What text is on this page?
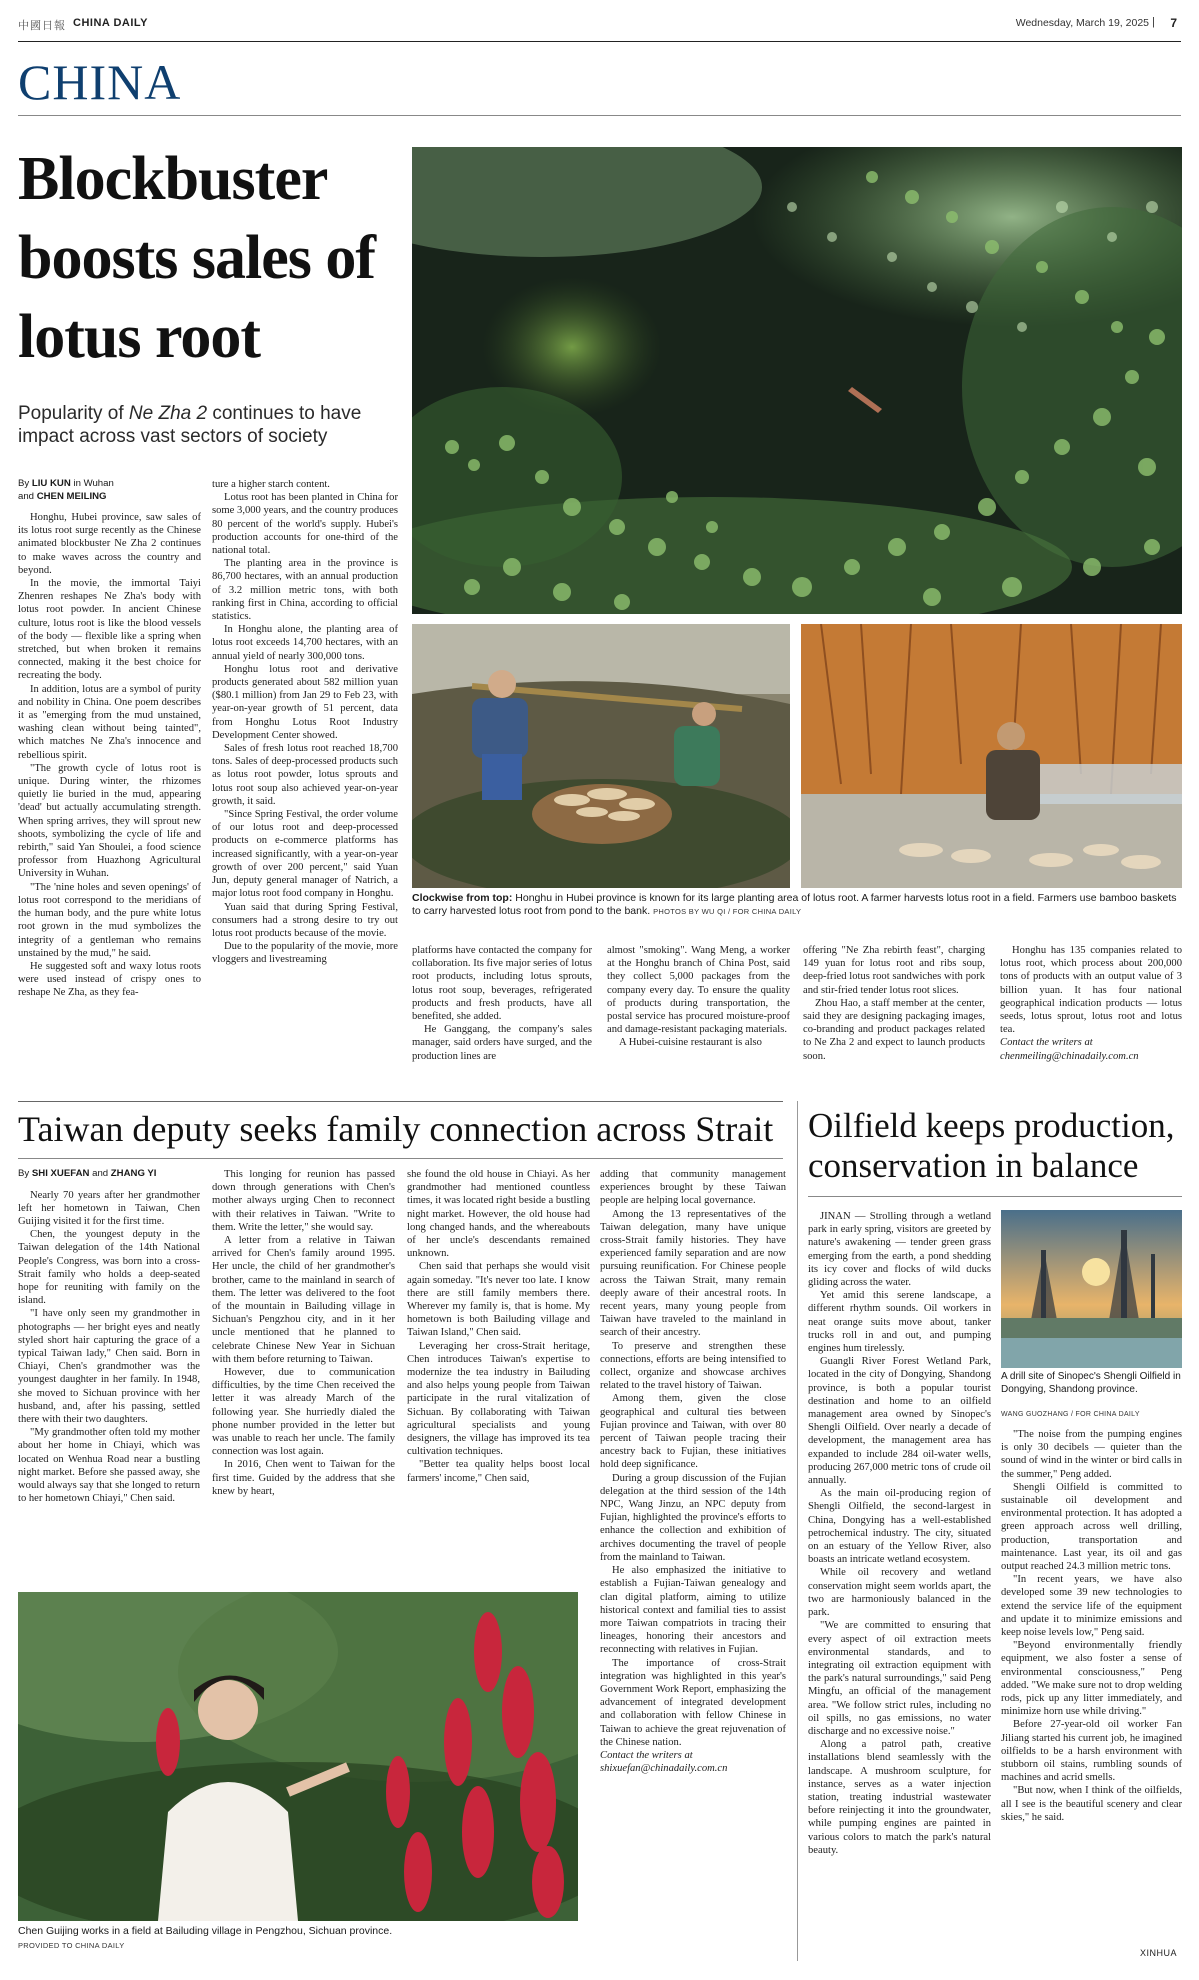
中國日報 CHINA DAILY	Wednesday, March 19, 2025 | 7
CHINA
Blockbuster boosts sales of lotus root
Popularity of Ne Zha 2 continues to have impact across vast sectors of society
Clockwise from top: Honghu in Hubei province is known for its large planting area of lotus root. A farmer harvests lotus root in a field. Farmers use bamboo baskets to carry harvested lotus root from pond to the bank. PHOTOS BY WU QI / FOR CHINA DAILY
By LIU KUN in Wuhan
and CHEN MEILING

Honghu, Hubei province, saw sales of its lotus root surge recently as the Chinese animated blockbuster Ne Zha 2 continues to make waves across the country and beyond.

In the movie, the immortal Taiyi Zhenren reshapes Ne Zha's body with lotus root powder. In ancient Chinese culture, lotus root is like the blood vessels of the body — flexible like a spring when stretched, but when broken it remains connected, making it the best choice for recreating the body.

In addition, lotus are a symbol of purity and nobility in China. One poem describes it as "emerging from the mud unstained, washing clean without being tainted", which matches Ne Zha's innocence and rebellious spirit.

"The growth cycle of lotus root is unique. During winter, the rhizomes quietly lie buried in the mud, appearing 'dead' but actually accumulating strength. When spring arrives, they will sprout new shoots, symbolizing the cycle of life and rebirth," said Yan Shoulei, a food science professor from Huazhong Agricultural University in Wuhan.

"The 'nine holes and seven openings' of lotus root correspond to the meridians of the human body, and the pure white lotus root grown in the mud symbolizes the integrity of a gentleman who remains unstained by the mud," he said.

He suggested soft and waxy lotus roots were used instead of crispy ones to reshape Ne Zha, as they fea-

ture a higher starch content.

Lotus root has been planted in China for some 3,000 years, and the country produces 80 percent of the world's supply. Hubei's production accounts for one-third of the national total.

The planting area in the province is 86,700 hectares, with an annual production of 3.2 million metric tons, with both ranking first in China, according to official statistics.

In Honghu alone, the planting area of lotus root exceeds 14,700 hectares, with an annual yield of nearly 300,000 tons.

Honghu lotus root and derivative products generated about 582 million yuan ($80.1 million) from Jan 29 to Feb 23, with year-on-year growth of 51 percent, data from Honghu Lotus Root Industry Development Center showed.

Sales of fresh lotus root reached 18,700 tons. Sales of deep-processed products such as lotus root powder, lotus sprouts and lotus root soup also achieved year-on-year growth, it said.

"Since Spring Festival, the order volume of our lotus root and deep-processed products on e-commerce platforms has increased significantly, with a year-on-year growth of over 200 percent," said Yuan Jun, deputy general manager of Natrich, a major lotus root food company in Honghu.

Yuan said that during Spring Festival, consumers had a strong desire to try out lotus root products because of the movie.

Due to the popularity of the movie, more vloggers and livestreaming

platforms have contacted the company for collaboration. Its five major series of lotus root products, including lotus sprouts, lotus root soup, beverages, refrigerated products and fresh products, have all benefited, she added.

He Ganggang, the company's sales manager, said orders have surged, and the production lines are

almost "smoking". Wang Meng, a worker at the Honghu branch of China Post, said they collect 5,000 packages from the company every day. To ensure the quality of products during transportation, the postal service has procured moisture-proof and damage-resistant packaging materials.

A Hubei-cuisine restaurant is also

offering "Ne Zha rebirth feast", charging 149 yuan for lotus root and ribs soup, deep-fried lotus root sandwiches with pork and stir-fried tender lotus root slices.

Zhou Hao, a staff member at the center, said they are designing packaging images, co-branding and product packages related to Ne Zha 2 and expect to launch products soon.

Honghu has 135 companies related to lotus root, which process about 200,000 tons of products with an output value of 3 billion yuan. It has four national geographical indication products — lotus seeds, lotus sprout, lotus root and lotus tea.

Contact the writers at
chenmeiling@chinadaily.com.cn

Taiwan deputy seeks family connection across Strait
By SHI XUEFAN and ZHANG YI

Nearly 70 years after her grandmother left her hometown in Taiwan, Chen Guijing visited it for the first time.

Chen, the youngest deputy in the Taiwan delegation of the 14th National People's Congress, was born into a cross-Strait family who holds a deep-seated hope for reuniting with family on the island.

"I have only seen my grandmother in photographs — her bright eyes and neatly styled short hair capturing the grace of a typical Taiwan lady," Chen said. Born in Chiayi, Chen's grandmother was the youngest daughter in her family. In 1948, she moved to Sichuan province with her husband, and, after his passing, settled there with their two daughters.

"My grandmother often told my mother about her home in Chiayi, which was located on Wenhua Road near a bustling night market. Before she passed away, she would always say that she longed to return to her hometown Chiayi," Chen said.

This longing for reunion has passed down through generations with Chen's mother always urging Chen to reconnect with their relatives in Taiwan. "Write to them. Write the letter," she would say.

A letter from a relative in Taiwan arrived for Chen's family around 1995. Her uncle, the child of her grandmother's brother, came to the mainland in search of them. The letter was delivered to the foot of the mountain in Bailuding village in Sichuan's Pengzhou city, and in it her uncle mentioned that he planned to celebrate Chinese New Year in Sichuan with them before returning to Taiwan.

However, due to communication difficulties, by the time Chen received the letter it was already March of the following year. She hurriedly dialed the phone number provided in the letter but was unable to reach her uncle. The family connection was lost again.

In 2016, Chen went to Taiwan for the first time. Guided by the address that she knew by heart,

she found the old house in Chiayi. As her grandmother had mentioned countless times, it was located right beside a bustling night market. However, the old house had long changed hands, and the whereabouts of her uncle's descendants remained unknown.

Chen said that perhaps she would visit again someday. "It's never too late. I know there are still family members there. Wherever my family is, that is home. My hometown is both Bailuding village and Taiwan Island," Chen said.

Leveraging her cross-Strait heritage, Chen introduces Taiwan's expertise to modernize the tea industry in Bailuding and also helps young people from Taiwan participate in the rural vitalization of Sichuan. By collaborating with Taiwan agricultural specialists and young designers, the village has improved its tea cultivation techniques.

"Better tea quality helps boost local farmers' income," Chen said,

adding that community management experiences brought by these Taiwan people are helping local governance.

Among the 13 representatives of the Taiwan delegation, many have unique cross-Strait family histories. They have experienced family separation and are now pursuing reunification. For Chinese people across the Taiwan Strait, many remain deeply aware of their ancestral roots. In recent years, many young people from Taiwan have traveled to the mainland in search of their ancestry.

To preserve and strengthen these connections, efforts are being intensified to collect, organize and showcase archives related to the travel history of Taiwan.

Among them, given the close geographical and cultural ties between Fujian province and Taiwan, with over 80 percent of Taiwan people tracing their ancestry back to Fujian, these initiatives hold deep significance.

During a group discussion of the Fujian delegation at the third session of the 14th NPC, Wang Jinzu, an NPC deputy from Fujian, highlighted the province's efforts to enhance the collection and exhibition of archives documenting the travel of people from the mainland to Taiwan.

He also emphasized the initiative to establish a Fujian-Taiwan genealogy and clan digital platform, aiming to utilize historical context and familial ties to assist more Taiwan compatriots in tracing their lineages, honoring their ancestors and reconnecting with relatives in Fujian.

The importance of cross-Strait integration was highlighted in this year's Government Work Report, emphasizing the advancement of integrated development and collaboration with fellow Chinese in Taiwan to achieve the great rejuvenation of the Chinese nation.

Contact the writers at
shixuefan@chinadaily.com.cn

Chen Guijing works in a field at Bailuding village in Pengzhou, Sichuan province.
PROVIDED TO CHINA DAILY
Oilfield keeps production, conservation in balance

JINAN — Strolling through a wetland park in early spring, visitors are greeted by nature's awakening — tender green grass emerging from the earth, a pond shedding its icy cover and flocks of wild ducks gliding across the water.

Yet amid this serene landscape, a different rhythm sounds. Oil workers in neat orange suits move about, tanker trucks roll in and out, and pumping engines hum tirelessly.

Guangli River Forest Wetland Park, located in the city of Dongying, Shandong province, is both a popular tourist destination and home to an oilfield management area owned by Sinopec's Shengli Oilfield. Over nearly a decade of development, the management area has expanded to include 284 oil-water wells, producing 267,000 metric tons of crude oil annually.

As the main oil-producing region of Shengli Oilfield, the second-largest in China, Dongying has a well-established petrochemical industry. The city, situated on an estuary of the Yellow River, also boasts an intricate wetland ecosystem.

While oil recovery and wetland conservation might seem worlds apart, the two are harmoniously balanced in the park.

"We are committed to ensuring that every aspect of oil extraction meets environmental standards, and to integrating oil extraction equipment with the park's natural surroundings," said Peng Mingfu, an official of the management area. "We follow strict rules, including no oil spills, no gas emissions, no water discharge and no excessive noise."

Along a patrol path, creative installations blend seamlessly with the landscape. A mushroom sculpture, for instance, serves as a water injection station, treating industrial wastewater before reinjecting it into the groundwater, while pumping engines are painted in various colors to match the park's natural beauty.

A drill site of Sinopec's Shengli Oilfield in Dongying, Shandong province.
WANG GUOZHANG / FOR CHINA DAILY

"The noise from the pumping engines is only 30 decibels — quieter than the sound of wind in the winter or bird calls in the summer," Peng added.

Shengli Oilfield is committed to sustainable oil development and environmental protection. It has adopted a green approach across well drilling, production, transportation and maintenance. Last year, its oil and gas output reached 24.3 million metric tons.

"In recent years, we have also developed some 39 new technologies to extend the service life of the equipment and update it to minimize emissions and keep noise levels low," Peng said.

"Beyond environmentally friendly equipment, we also foster a sense of environmental consciousness," Peng added. "We make sure not to drop welding rods, pick up any litter immediately, and minimize horn use while driving."

Before 27-year-old oil worker Fan Jiliang started his current job, he imagined oilfields to be a harsh environment with stubborn oil stains, rumbling sounds of machines and acrid smells.

"But now, when I think of the oilfields, all I see is the beautiful scenery and clear skies," he said.

XINHUA
